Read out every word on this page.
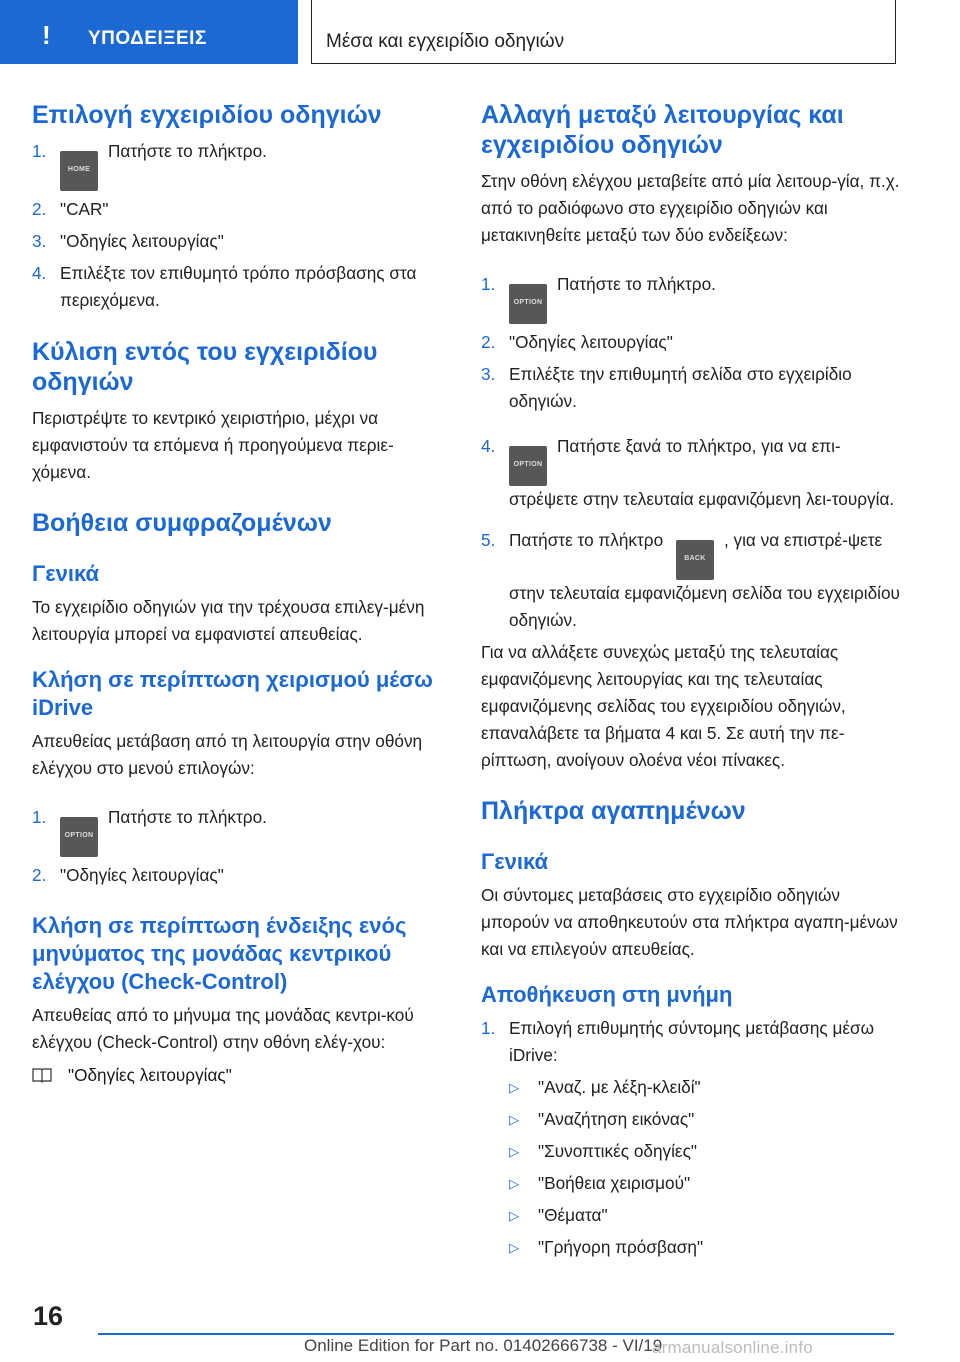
! ΥΠΟΔΕΙΞΕΙΣ	Μέσα και εγχειρίδιο οδηγιών
Επιλογή εγχειριδίου οδηγιών
1.
HOMEΠατήστε το πλήκτρο.
2. "CAR"
3. "Οδηγίες λειτουργίας"
4. Επιλέξτε τον επιθυμητό τρόπο πρόσβασης στα περιεχόμενα.
Κύλιση εντός του εγχειριδίου οδηγιών

Περιστρέψτε το κεντρικό χειριστήριο, μέχρι να εμφανιστούν τα επόμενα ή προηγούμενα περιε-χόμενα.

Βοήθεια συμφραζομένων
Γενικά

Το εγχειρίδιο οδηγιών για την τρέχουσα επιλεγ-μένη λειτουργία μπορεί να εμφανιστεί απευθείας.

Κλήση σε περίπτωση χειρισμού μέσω iDrive

Απευθείας μετάβαση από τη λειτουργία στην οθόνη ελέγχου στο μενού επιλογών:

1.
OPTIONΠατήστε το πλήκτρο.
2. "Οδηγίες λειτουργίας"
Κλήση σε περίπτωση ένδειξης ενός μηνύματος της μονάδας κεντρικού ελέγχου (Check-Control)

Απευθείας από το μήνυμα της μονάδας κεντρι-κού ελέγχου (Check-Control) στην οθόνη ελέγ-χου:

"Οδηγίες λειτουργίας"
Αλλαγή μεταξύ λειτουργίας και εγχειριδίου οδηγιών

Στην οθόνη ελέγχου μεταβείτε από μία λειτουρ-γία, π.χ. από το ραδιόφωνο στο εγχειρίδιο οδηγιών και μετακινηθείτε μεταξύ των δύο ενδείξεων:

1.
OPTIONΠατήστε το πλήκτρο.
2. "Οδηγίες λειτουργίας"
3. Επιλέξτε την επιθυμητή σελίδα στο εγχειρίδιο οδηγιών.
4.
OPTIONΠατήστε ξανά το πλήκτρο, για να επι-στρέψετε στην τελευταία εμφανιζόμενη λει-τουργία.
5. Πατήστε το πλήκτρο BACK, για να επιστρέ-ψετε στην τελευταία εμφανιζόμενη σελίδα του εγχειριδίου οδηγιών.

Για να αλλάξετε συνεχώς μεταξύ της τελευταίας εμφανιζόμενης λειτουργίας και της τελευταίας εμφανιζόμενης σελίδας του εγχειριδίου οδηγιών, επαναλάβετε τα βήματα 4 και 5. Σε αυτή την πε-ρίπτωση, ανοίγουν ολοένα νέοι πίνακες.

Πλήκτρα αγαπημένων
Γενικά

Οι σύντομες μεταβάσεις στο εγχειρίδιο οδηγιών μπορούν να αποθηκευτούν στα πλήκτρα αγαπη-μένων και να επιλεγούν απευθείας.

Αποθήκευση στη μνήμη
1. Επιλογή επιθυμητής σύντομης μετάβασης μέσω iDrive:
▷ "Αναζ. με λέξη-κλειδί"
▷ "Αναζήτηση εικόνας"
▷ "Συνοπτικές οδηγίες"
▷ "Βοήθεια χειρισμού"
▷ "Θέματα"
▷ "Γρήγορη πρόσβαση"
16
Online Edition for Part no. 01402666738 - VI/19
armanualsonline.info
